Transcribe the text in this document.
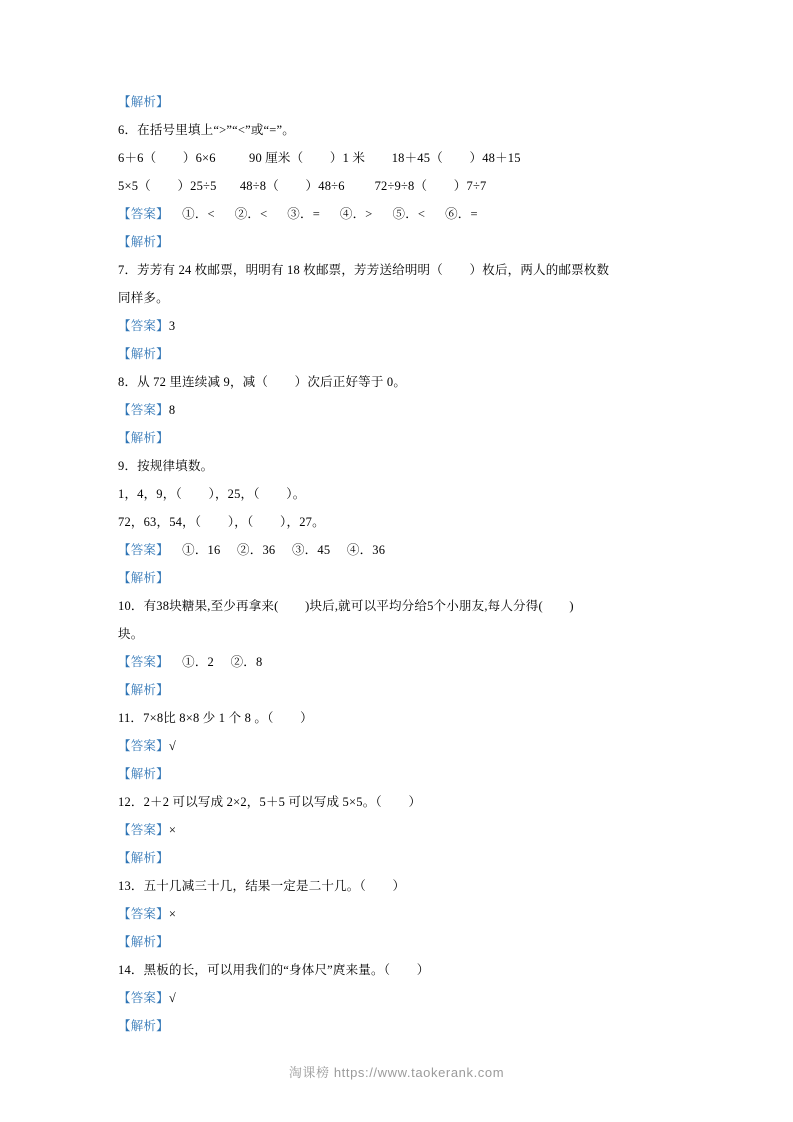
【解析】
6．在括号里填上“>”“<”或“=”。
6＋6（        ）6×6          90 厘米（        ）1 米        18＋45（        ）48＋15
5×5（        ）25÷5       48÷8（        ）48÷6         72÷9÷8（        ）7÷7
【答案】    ①．<      ②．<      ③．=      ④．>      ⑤．<      ⑥．=
【解析】
7．芳芳有 24 枚邮票，明明有 18 枚邮票，芳芳送给明明（        ）枚后，两人的邮票枚数
同样多。
【答案】3
【解析】
8．从 72 里连续减 9，减（        ）次后正好等于 0。
【答案】8
【解析】
9．按规律填数。
1，4，9，（        ），25，（        ）。
72，63，54，（        ），（        ），27。
【答案】    ①．16     ②．36     ③．45     ④．36
【解析】
10．有38块糖果,至少再拿来(        )块后,就可以平均分给5个小朋友,每人分得(        )
块。
【答案】    ①．2     ②．8
【解析】
11．7×8比 8×8 少 1 个 8 。（        ）
【答案】√
【解析】
12．2＋2 可以写成 2×2，5＋5 可以写成 5×5。（        ）
【答案】×
【解析】
13．五十几减三十几，结果一定是二十几。（        ）
【答案】×
【解析】
14．黑板的长，可以用我们的“身体尺”庹来量。（        ）
【答案】√
【解析】
淘课榜 https://www.taokerank.com
